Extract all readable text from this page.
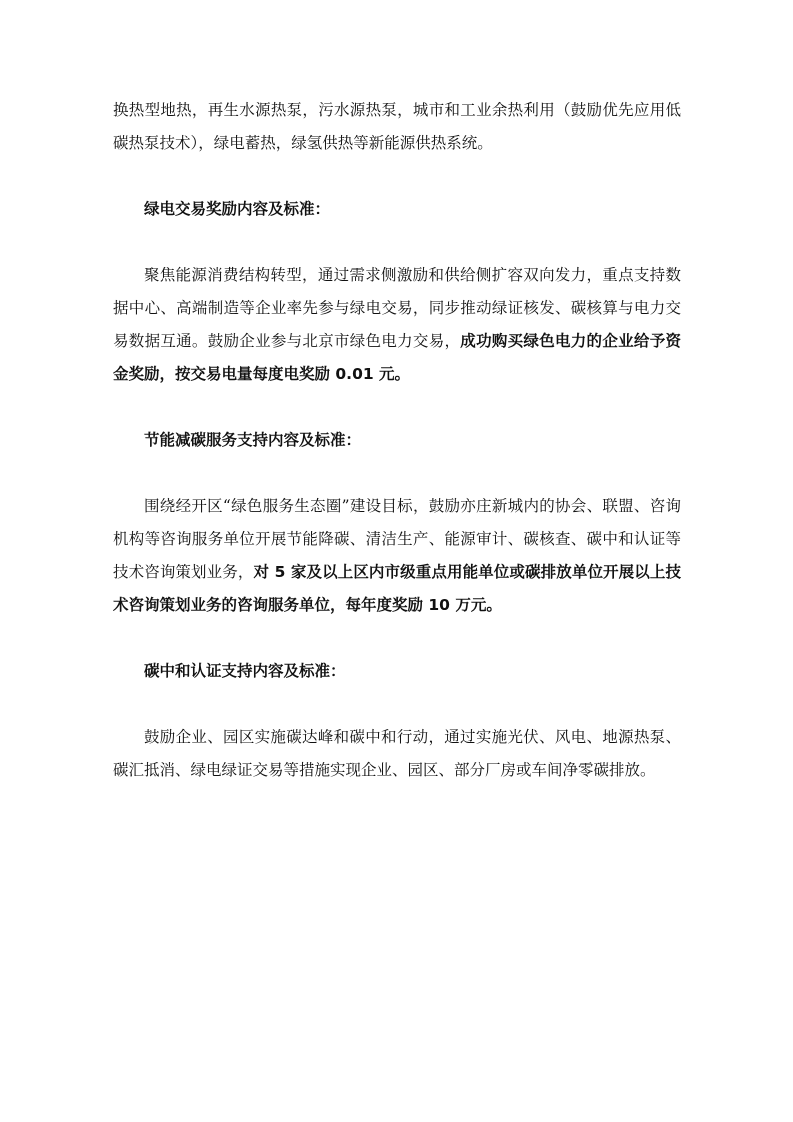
换热型地热，再生水源热泵，污水源热泵，城市和工业余热利用（鼓励优先应用低碳热泵技术），绿电蓄热，绿氢供热等新能源供热系统。

绿电交易奖励内容及标准：

聚焦能源消费结构转型，通过需求侧激励和供给侧扩容双向发力，重点支持数据中心、高端制造等企业率先参与绿电交易，同步推动绿证核发、碳核算与电力交易数据互通。鼓励企业参与北京市绿色电力交易，成功购买绿色电力的企业给予资金奖励，按交易电量每度电奖励 0.01 元。

节能减碳服务支持内容及标准：

围绕经开区“绿色服务生态圈”建设目标，鼓励亦庄新城内的协会、联盟、咨询机构等咨询服务单位开展节能降碳、清洁生产、能源审计、碳核查、碳中和认证等技术咨询策划业务，对 5 家及以上区内市级重点用能单位或碳排放单位开展以上技术咨询策划业务的咨询服务单位，每年度奖励 10 万元。

碳中和认证支持内容及标准：

鼓励企业、园区实施碳达峰和碳中和行动，通过实施光伏、风电、地源热泵、碳汇抵消、绿电绿证交易等措施实现企业、园区、部分厂房或车间净零碳排放。
